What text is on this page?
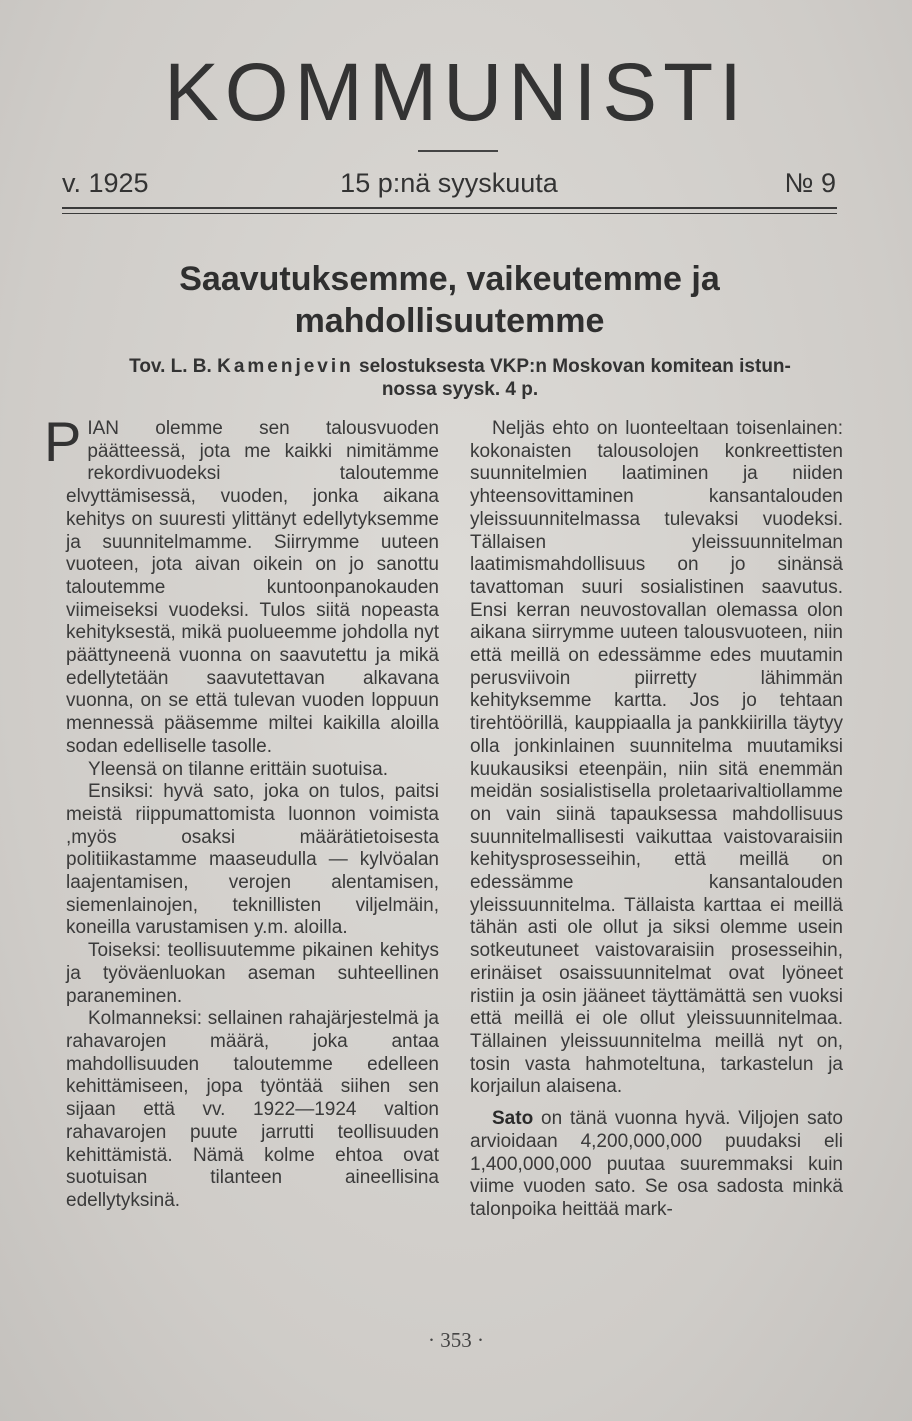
KOMMUNISTI
15 p:nä syyskuuta
v. 1925	№ 9
Saavutuksemme, vaikeutemme ja
mahdollisuutemme
Tov. L. B. Kamenjevin selostuksesta VKP:n Moskovan komitean istun-
nossa syysk. 4 p.

PIAN olemme sen talousvuoden päätteessä, jota me kaikki nimitämme rekordivuodeksi taloutemme elvyttämisessä, vuoden, jonka aikana kehitys on suuresti ylittänyt edellytyksemme ja suunnitelmamme. Siirrymme uuteen vuoteen, jota aivan oikein on jo sanottu taloutemme kuntoonpanokauden viimeiseksi vuodeksi. Tulos siitä nopeasta kehityksestä, mikä puolueemme johdolla nyt päättyneenä vuonna on saavutettu ja mikä edellytetään saavutettavan alkavana vuonna, on se että tulevan vuoden loppuun mennessä pääsemme miltei kaikilla aloilla sodan edelliselle tasolle.

Yleensä on tilanne erittäin suotuisa.

Ensiksi: hyvä sato, joka on tulos, paitsi meistä riippumattomista luonnon voimista ,myös osaksi määrätietoisesta politiikastamme maaseudulla — kylvöalan laajentamisen, verojen alentamisen, siemenlainojen, teknillisten viljelmäin, koneilla varustamisen y.m. aloilla.

Toiseksi: teollisuutemme pikainen kehitys ja työväenluokan aseman suhteellinen paraneminen.

Kolmanneksi: sellainen rahajärjestelmä ja rahavarojen määrä, joka antaa mahdollisuuden taloutemme edelleen kehittämiseen, jopa työntää siihen sen sijaan että vv. 1922—1924 valtion rahavarojen puute jarrutti teollisuuden kehittämistä. Nämä kolme ehtoa ovat suotuisan tilanteen aineellisina edellytyksinä.

Neljäs ehto on luonteeltaan toisenlainen: kokonaisten talousolojen konkreettisten suunnitelmien laatiminen ja niiden yhteensovittaminen kansantalouden yleissuunnitelmassa tulevaksi vuodeksi. Tällaisen yleissuunnitelman laatimismahdollisuus on jo sinänsä tavattoman suuri sosialistinen saavutus. Ensi kerran neuvostovallan olemassa olon aikana siirrymme uuteen talousvuoteen, niin että meillä on edessämme edes muutamin perusviivoin piirretty lähimmän kehityksemme kartta. Jos jo tehtaan tirehtöörillä, kauppiaalla ja pankkiirilla täytyy olla jonkinlainen suunnitelma muutamiksi kuukausiksi eteenpäin, niin sitä enemmän meidän sosialistisella proletaarivaltiollamme on vain siinä tapauksessa mahdollisuus suunnitelmallisesti vaikuttaa vaistovaraisiin kehitysprosesseihin, että meillä on edessämme kansantalouden yleissuunnitelma. Tällaista karttaa ei meillä tähän asti ole ollut ja siksi olemme usein sotkeutuneet vaistovaraisiin prosesseihin, erinäiset osaissuunnitelmat ovat lyöneet ristiin ja osin jääneet täyttämättä sen vuoksi että meillä ei ole ollut yleissuunnitelmaa. Tällainen yleissuunnitelma meillä nyt on, tosin vasta hahmoteltuna, tarkastelun ja korjailun alaisena.

Sato on tänä vuonna hyvä. Viljojen sato arvioidaan 4,200,000,000 puudaksi eli 1,400,000,000 puutaa suuremmaksi kuin viime vuoden sato. Se osa sadosta minkä talonpoika heittää mark-

· 353 ·
